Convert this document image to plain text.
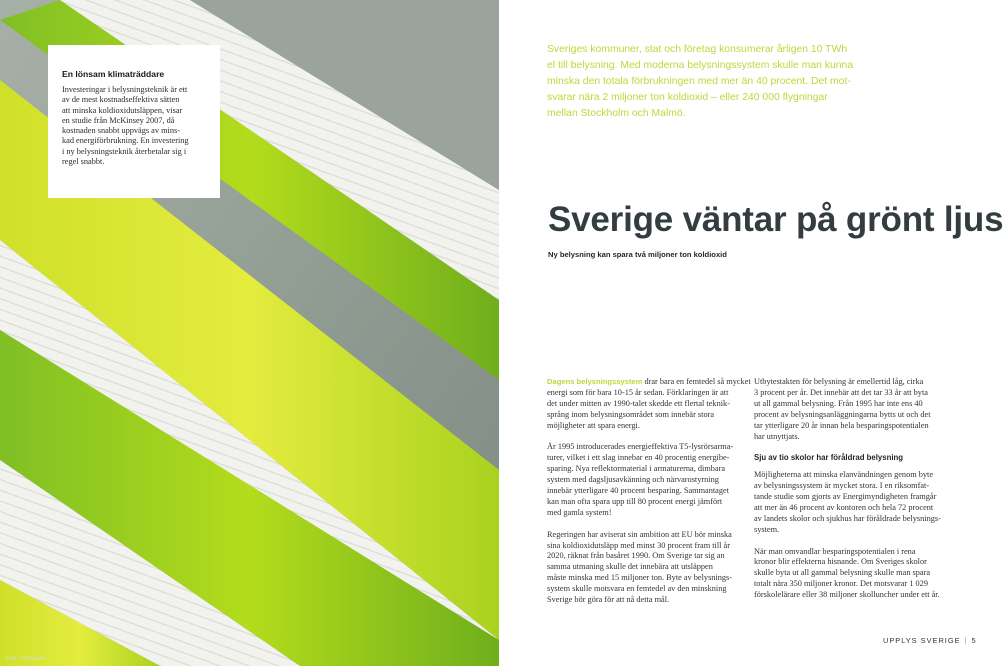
En lönsam klimaträddare

Investeringar i belysningsteknik är ett
av de mest kostnadseffektiva sätten
att minska koldioxidutsläppen, visar
en studie från McKinsey 2007, då
kostnaden snabbt uppvägs av mins-
kad energiförbrukning. En investering
i ny belysningsteknik återbetalar sig i
regel snabbt.

Foto: Ulf Celander

Sveriges kommuner, stat och företag konsumerar årligen 10 TWh
el till belysning. Med moderna belysningssystem skulle man kunna
minska den totala förbrukningen med mer än 40 procent. Det mot-
svarar nära 2 miljoner ton koldioxid – eller 240 000 flygningar
mellan Stockholm och Malmö.

Sverige väntar på grönt ljus

Ny belysning kan spara två miljoner ton koldioxid

Dagens belysningssystem drar bara en femtedel så mycket
energi som för bara 10-15 år sedan. Förklaringen är att
det under mitten av 1990-talet skedde ett flertal teknik-
språng inom belysningsområdet som innebär stora
möjligheter att spara energi.

År 1995 introducerades energieffektiva T5-lysrörsarma-
turer, vilket i ett slag innebar en 40 procentig energibe-
sparing. Nya reflektormaterial i armaturerna, dimbara
system med dagsljusavkänning och närvarostyrning
innebär ytterligare 40 procent besparing. Sammantaget
kan man ofta spara upp till 80 procent energi jämfört
med gamla system!

Regeringen har aviserat sin ambition att EU bör minska
sina koldioxidutsläpp med minst 30 procent fram till år
2020, räknat från basåret 1990. Om Sverige tar sig an
samma utmaning skulle det innebära att utsläppen
måste minska med 15 miljoner ton. Byte av belysnings-
system skulle motsvara en femtedel av den minskning
Sverige bör göra för att nå detta mål.

Utbytestakten för belysning är emellertid låg, cirka
3 procent per år. Det innebär att det tar 33 år att byta
ut all gammal belysning. Från 1995 har inte ens 40
procent av belysningsanläggningarna bytts ut och det
tar ytterligare 20 år innan hela besparingspotentialen
har utnyttjats.

Sju av tio skolor har föråldrad belysning

Möjligheterna att minska elanvändningen genom byte
av belysningssystem är mycket stora. I en riksomfat-
tande studie som gjorts av Energimyndigheten framgår
att mer än 46 procent av kontoren och hela 72 procent
av landets skolor och sjukhus har föråldrade belysnings-
system.

När man omvandlar besparingspotentialen i rena
kronor blir effekterna hisnande. Om Sveriges skolor
skulle byta ut all gammal belysning skulle man spara
totalt nära 350 miljoner kronor. Det motsvarar 1 029
förskolelärare eller 38 miljoner skolluncher under ett år.

UPPLYS SVERIGE | 5
